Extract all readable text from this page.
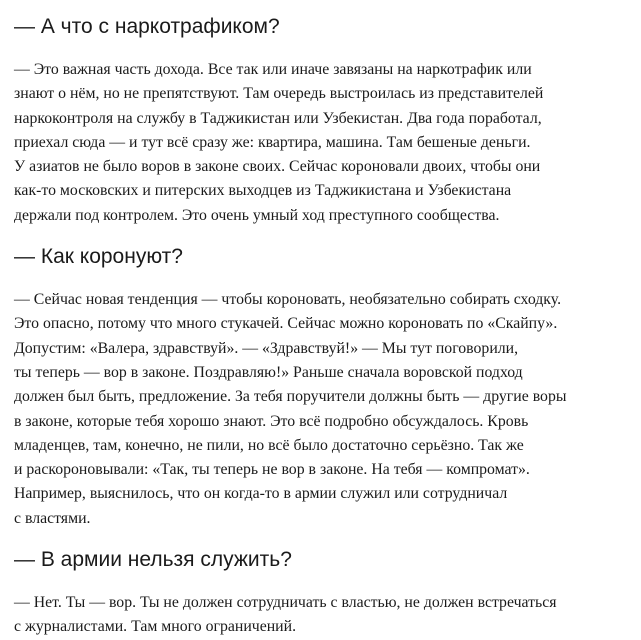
— А что с наркотрафиком?

— Это важная часть дохода. Все так или иначе завязаны на наркотрафик или
знают о нём, но не препятствуют. Там очередь выстроилась из представителей
наркоконтроля на службу в Таджикистан или Узбекистан. Два года поработал,
приехал сюда — и тут всё сразу же: квартира, машина. Там бешеные деньги.
У азиатов не было воров в законе своих. Сейчас короновали двоих, чтобы они
как-то московских и питерских выходцев из Таджикистана и Узбекистана
держали под контролем. Это очень умный ход преступного сообщества.

— Как коронуют?

— Сейчас новая тенденция — чтобы короновать, необязательно собирать сходку.
Это опасно, потому что много стукачей. Сейчас можно короновать по «Скайпу».
Допустим: «Валера, здравствуй». — «Здравствуй!» — Мы тут поговорили,
ты теперь — вор в законе. Поздравляю!» Раньше сначала воровской подход
должен был быть, предложение. За тебя поручители должны быть — другие воры
в законе, которые тебя хорошо знают. Это всё подробно обсуждалось. Кровь
младенцев, там, конечно, не пили, но всё было достаточно серьёзно. Так же
и раскороновывали: «Так, ты теперь не вор в законе. На тебя — компромат».
Например, выяснилось, что он когда-то в армии служил или сотрудничал
с властями.

— В армии нельзя служить?

— Нет. Ты — вор. Ты не должен сотрудничать с властью, не должен встречаться
с журналистами. Там много ограничений.
